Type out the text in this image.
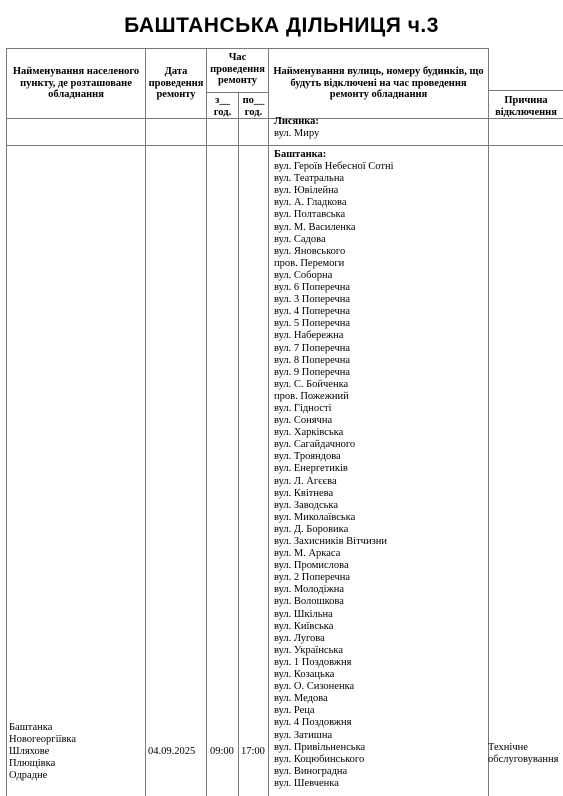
БАШТАНСЬКА ДІЛЬНИЦЯ ч.3
Найменування населеного пункту, де розташоване обладнання
Дата проведення ремонту
Час проведення ремонту
з__ год.
по__ год.
Найменування вулиць, номеру будинків, що будуть відключені на час проведення ремонту обладнання
Причина відключення
Лисянка:
вул. Миру
Баштанка
Новогеоргіївка
Шляхове
Плющівка
Одрадне
04.09.2025 09:00 17:00	Технічне обслуговування
Баштанка:
вул. Героїв Небесної Сотні
вул. Театральна
вул. Ювілейна
вул. А. Гладкова
вул. Полтавська
вул. М. Василенка
вул. Садова
вул. Яновського
пров. Перемоги
вул. Соборна
вул. 6 Поперечна
вул. 3 Поперечна
вул. 4 Поперечна
вул. 5 Поперечна
вул. Набережна
вул. 7 Поперечна
вул. 8 Поперечна
вул. 9 Поперечна
вул. С. Бойченка
пров. Пожежний
вул. Гідності
вул. Сонячна
вул. Харківська
вул. Сагайдачного
вул. Трояндова
вул. Енергетиків
вул. Л. Агєєва
вул. Квітнева
вул. Заводська
вул. Миколаївська
вул. Д. Боровика
вул. Захисників Вітчизни
вул. М. Аркаса
вул. Промислова
вул. 2 Поперечна
вул. Молодіжна
вул. Волошкова
вул. Шкільна
вул. Київська
вул. Лугова
вул. Українська
вул. 1 Поздовжня
вул. Козацька
вул. О. Сизоненка
вул. Медова
вул. Реца
вул. 4 Поздовжня
вул. Затишна
вул. Привільненська
вул. Коцюбинського
вул. Виноградна
вул. Шевченка
